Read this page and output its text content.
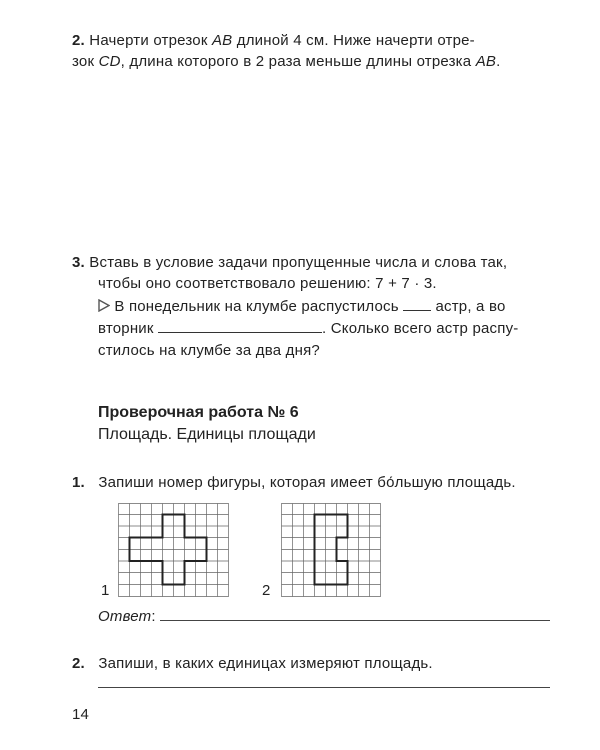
2. Начерти отрезок AB длиной 4 см. Ниже начерти отре-
зок CD, длина которого в 2 раза меньше длины отрезка AB.
3. Вставь в условие задачи пропущенные числа и слова так,
чтобы оно соответствовало решению: 7 + 7 · 3.
В понедельник на клумбе распустилось астр, а во
вторник	. Сколько всего астр распу-
стилось на клумбе за два дня?
Проверочная работа № 6
Площадь. Единицы площади
1. Запиши номер фигуры, которая имеет бо́льшую площадь.
1	2
Ответ:
2. Запиши, в каких единицах измеряют площадь.
14
